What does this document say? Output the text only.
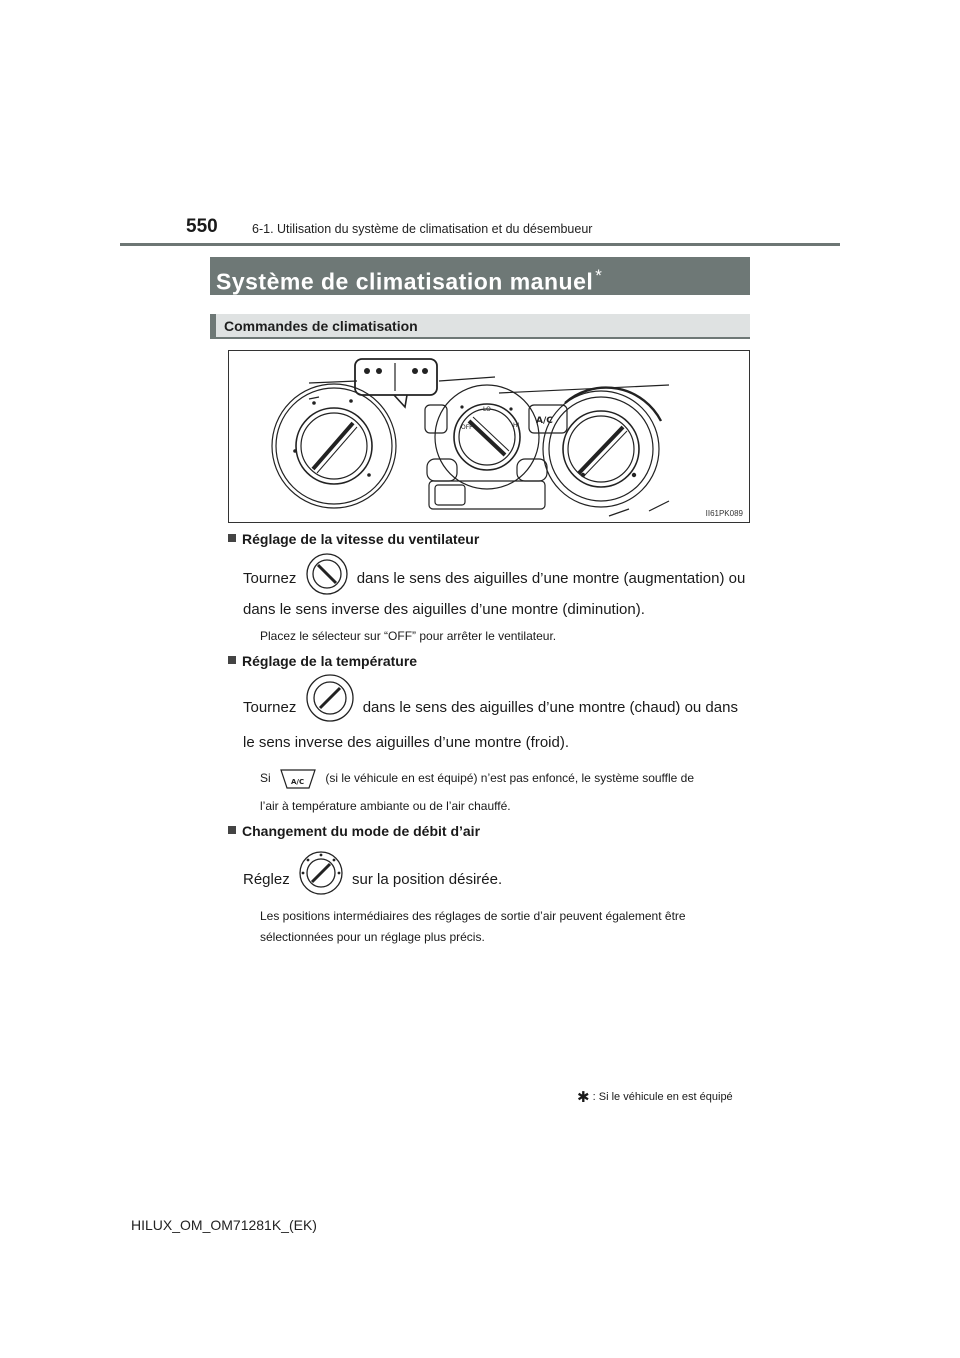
550	6-1. Utilisation du système de climatisation et du désembueur
Système de climatisation manuel *
Commandes de climatisation
OFF
LO
HI A/C
II61PK089
Réglage de la vitesse du ventilateur
Tournez	dans le sens des aiguilles d’une montre (augmentation) ou
dans le sens inverse des aiguilles d’une montre (diminution).
Placez le sélecteur sur “OFF” pour arrêter le ventilateur.
Réglage de la température
Tournez	dans le sens des aiguilles d’une montre (chaud) ou dans
le sens inverse des aiguilles d’une montre (froid).
Si	A/C (si le véhicule en est équipé) n’est pas enfoncé, le système souffle de
l’air à température ambiante ou de l’air chauffé.
Changement du mode de débit d’air
Réglez	sur la position désirée.
Les positions intermédiaires des réglages de sortie d’air peuvent également être
sélectionnées pour un réglage plus précis.
✱ : Si le véhicule en est équipé
HILUX_OM_OM71281K_(EK)
